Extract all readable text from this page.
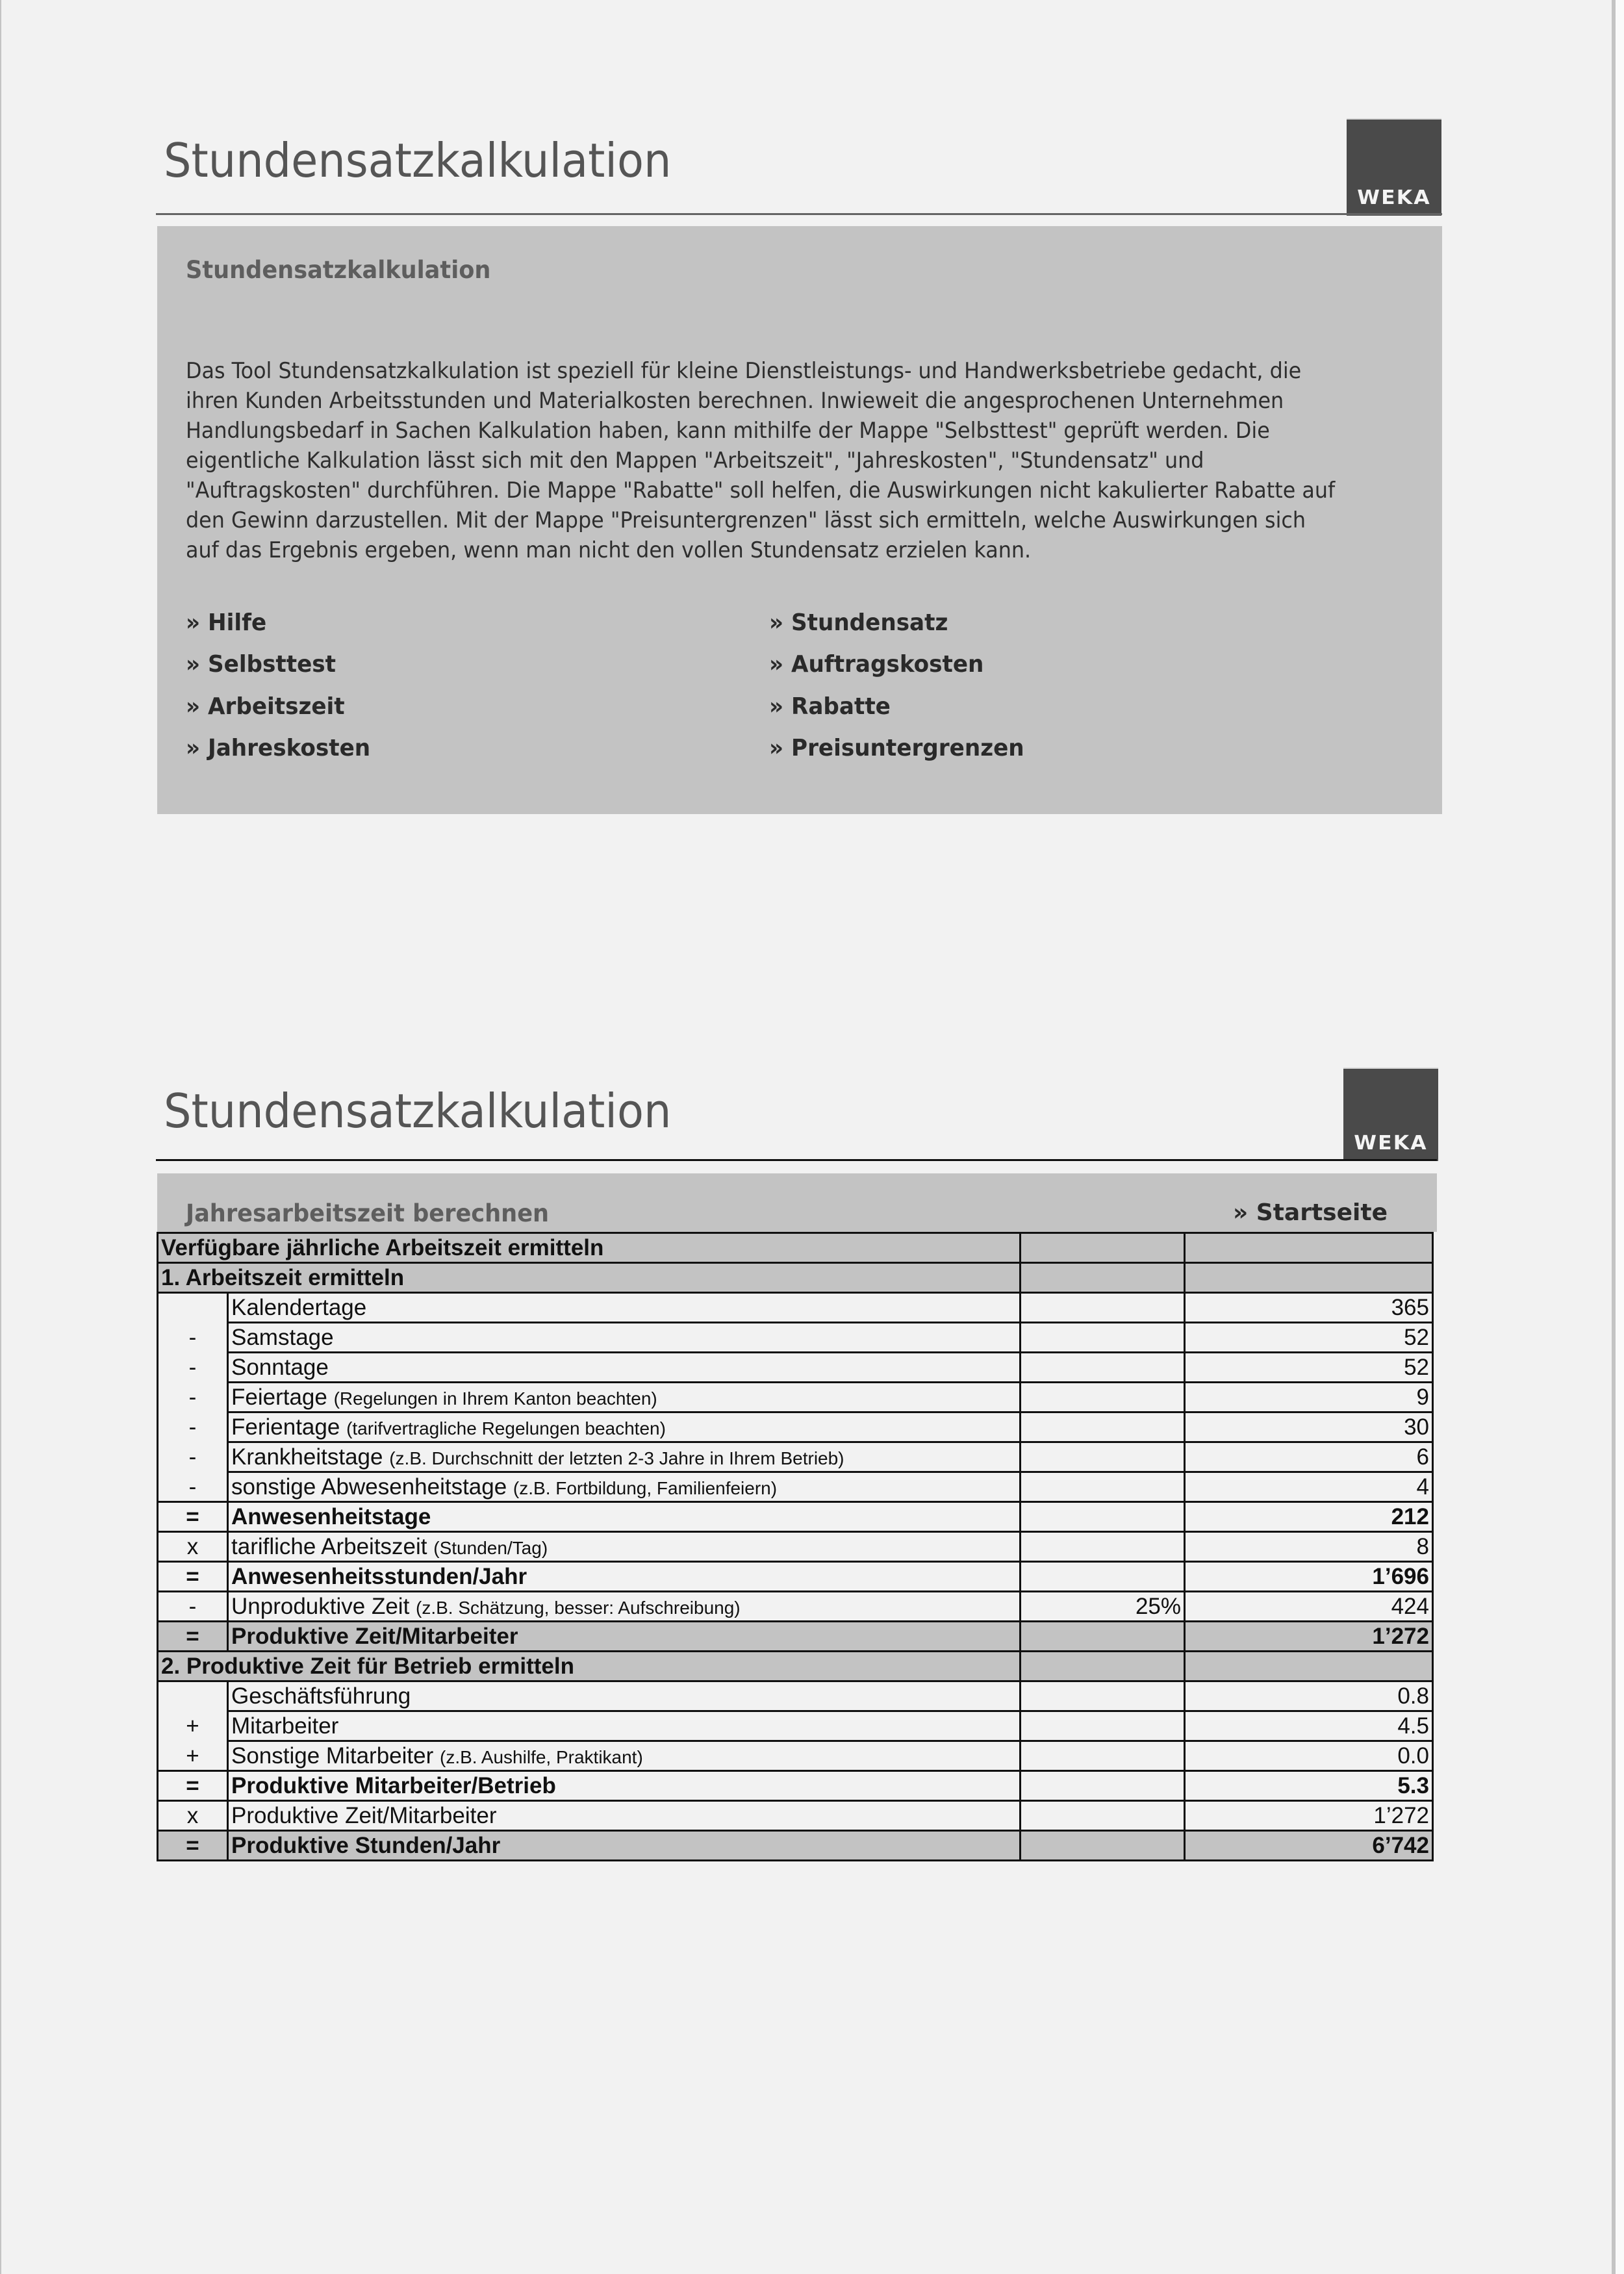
Stundensatzkalkulation
WEKA
Stundensatzkalkulation

Das Tool Stundensatzkalkulation ist speziell für kleine Dienstleistungs- und Handwerksbetriebe gedacht, die ihren Kunden Arbeitsstunden und Materialkosten berechnen. Inwieweit die angesprochenen Unternehmen Handlungsbedarf in Sachen Kalkulation haben, kann mithilfe der Mappe "Selbsttest" geprüft werden. Die eigentliche Kalkulation lässt sich mit den Mappen "Arbeitszeit", "Jahreskosten", "Stundensatz" und "Auftragskosten" durchführen. Die Mappe "Rabatte" soll helfen, die Auswirkungen nicht kakulierter Rabatte auf den Gewinn darzustellen. Mit der Mappe "Preisuntergrenzen" lässt sich ermitteln, welche Auswirkungen sich auf das Ergebnis ergeben, wenn man nicht den vollen Stundensatz erzielen kann.

» Hilfe
» Selbsttest
» Arbeitszeit
» Jahreskosten
» Stundensatz
» Auftragskosten
» Rabatte
» Preisuntergrenzen
Stundensatzkalkulation
WEKA
Jahresarbeitszeit berechnen	» Startseite
Verfügbare jährliche Arbeitszeit ermitteln			
1. Arbeitszeit ermitteln			
	Kalendertage		365
-	Samstage		52
-	Sonntage		52
-	Feiertage (Regelungen in Ihrem Kanton beachten)		9
-	Ferientage (tarifvertragliche Regelungen beachten)		30
-	Krankheitstage (z.B. Durchschnitt der letzten 2-3 Jahre in Ihrem Betrieb)		6
-	sonstige Abwesenheitstage (z.B. Fortbildung, Familienfeiern)		4
=	Anwesenheitstage		212
x	tarifliche Arbeitszeit (Stunden/Tag)		8
=	Anwesenheitsstunden/Jahr		1’696
-	Unproduktive Zeit (z.B. Schätzung, besser: Aufschreibung)	25%	424
=	Produktive Zeit/Mitarbeiter		1’272
2. Produktive Zeit für Betrieb ermitteln			
	Geschäftsführung		0.8
+	Mitarbeiter		4.5
+	Sonstige Mitarbeiter (z.B. Aushilfe, Praktikant)		0.0
=	Produktive Mitarbeiter/Betrieb		5.3
x	Produktive Zeit/Mitarbeiter		1’272
=	Produktive Stunden/Jahr		6’742
